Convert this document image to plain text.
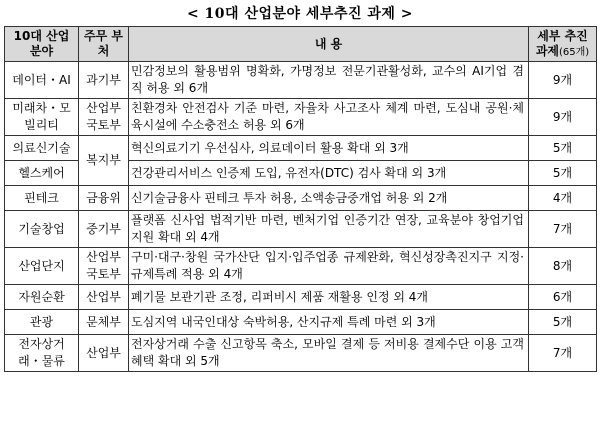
< 10대 산업분야 세부추진 과제 >
10대 산업분야	주무 부처	내 용	세부 추진 과제(65개)
데이터・AI	과기부	민감정보의 활용범위 명확화, 가명정보 전문기관활성화, 교수의 AI기업 겸직 허용 외 6개	9개
미래차・모빌리티	산업부 국토부	친환경차 안전검사 기준 마련, 자율차 사고조사 체계 마련, 도심내 공원·체육시설에 수소충전소 허용 외 6개	9개
의료신기술	복지부	혁신의료기기 우선심사, 의료데이터 활용 확대 외 3개	5개
헬스케어		건강관리서비스 인증제 도입, 유전자(DTC) 검사 확대 외 3개	5개
핀테크	금융위	신기술금융사 핀테크 투자 허용, 소액송금중개업 허용 외 2개	4개
기술창업	중기부	플랫폼 신사업 법적기반 마련, 벤처기업 인증기간 연장, 교육분야 창업기업 지원 확대 외 4개	7개
산업단지	산업부 국토부	구미·대구·창원 국가산단 입지·입주업종 규제완화, 혁신성장촉진지구 지정·규제특례 적용 외 4개	8개
자원순환	산업부	폐기물 보관기관 조정, 리퍼비시 제품 재활용 인정 외 4개	6개
관광	문체부	도심지역 내국인대상 숙박허용, 산지규제 특례 마련 외 3개	5개
전자상거래・물류	산업부	전자상거래 수출 신고항목 축소, 모바일 결제 등 저비용 결제수단 이용 고객 혜택 확대 외 5개	7개
